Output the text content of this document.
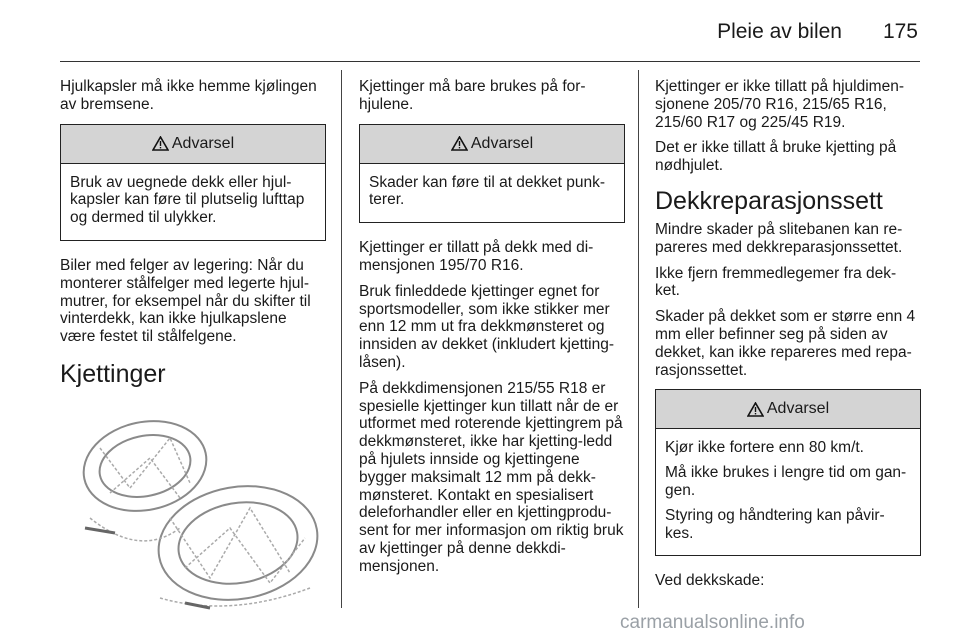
Pleie av bilen 175

Hjulkapsler må ikke hemme kjølingen av bremsene.

Advarsel

Bruk av uegnede dekk eller hjul-kapsler kan føre til plutselig lufttap og dermed til ulykker.

Biler med felger av legering: Når du monterer stålfelger med legerte hjul-mutrer, for eksempel når du skifter til vinterdekk, kan ikke hjulkapslene være festet til stålfelgene.

Kjettinger

Kjettinger må bare brukes på for-hjulene.

Advarsel

Skader kan føre til at dekket punk-terer.

Kjettinger er tillatt på dekk med di-mensjonen 195/70 R16.

Bruk finleddede kjettinger egnet for sportsmodeller, som ikke stikker mer enn 12 mm ut fra dekkmønsteret og innsiden av dekket (inkludert kjetting-låsen).

På dekkdimensjonen 215/55 R18 er spesielle kjettinger kun tillatt når de er utformet med roterende kjettingrem på dekkmønsteret, ikke har kjetting-ledd på hjulets innside og kjettingene bygger maksimalt 12 mm på dekk-mønsteret. Kontakt en spesialisert deleforhandler eller en kjettingprodu-sent for mer informasjon om riktig bruk av kjettinger på denne dekkdi-mensjonen.

Kjettinger er ikke tillatt på hjuldimen-sjonene 205/70 R16, 215/65 R16, 215/60 R17 og 225/45 R19.

Det er ikke tillatt å bruke kjetting på nødhjulet.

Dekkreparasjonssett

Mindre skader på slitebanen kan re-pareres med dekkreparasjonssettet.

Ikke fjern fremmedlegemer fra dek-ket.

Skader på dekket som er større enn 4 mm eller befinner seg på siden av dekket, kan ikke repareres med repa-rasjonssettet.

Advarsel

Kjør ikke fortere enn 80 km/t.

Må ikke brukes i lengre tid om gan-gen.

Styring og håndtering kan påvir-kes.

Ved dekkskade:

carmanualsonline.info
